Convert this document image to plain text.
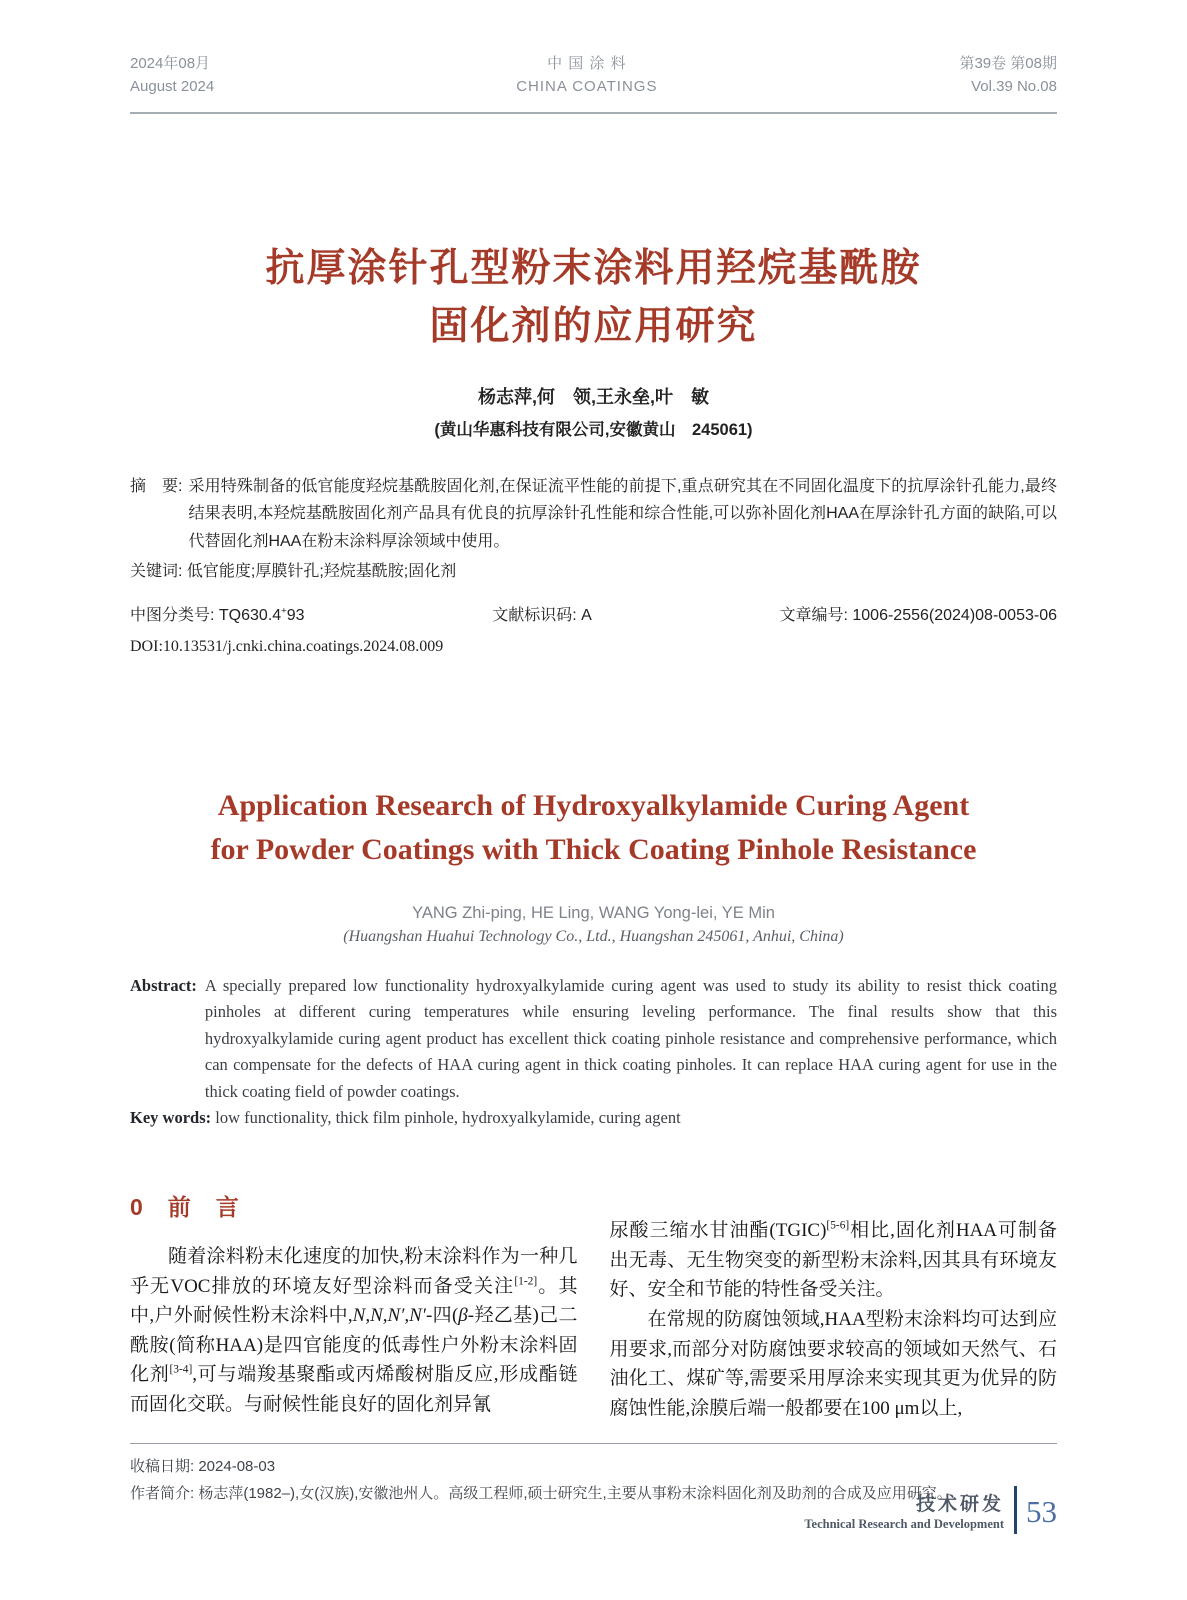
2024年08月
August 2024
中 国 涂 料
CHINA COATINGS
第39卷 第08期
Vol.39 No.08
抗厚涂针孔型粉末涂料用羟烷基酰胺
固化剂的应用研究
杨志萍,何　领,王永垒,叶　敏
(黄山华惠科技有限公司,安徽黄山　245061)
摘　要: 采用特殊制备的低官能度羟烷基酰胺固化剂,在保证流平性能的前提下,重点研究其在不同固化温度下的抗厚涂针孔能力,最终结果表明,本羟烷基酰胺固化剂产品具有优良的抗厚涂针孔性能和综合性能,可以弥补固化剂HAA在厚涂针孔方面的缺陷,可以代替固化剂HAA在粉末涂料厚涂领域中使用。
关键词: 低官能度;厚膜针孔;羟烷基酰胺;固化剂
中图分类号: TQ630.4+93	文献标识码: A	文章编号: 1006-2556(2024)08-0053-06
DOI:10.13531/j.cnki.china.coatings.2024.08.009
Application Research of Hydroxyalkylamide Curing Agent
for Powder Coatings with Thick Coating Pinhole Resistance
YANG Zhi-ping, HE Ling, WANG Yong-lei, YE Min
(Huangshan Huahui Technology Co., Ltd., Huangshan 245061, Anhui, China)
Abstract: A specially prepared low functionality hydroxyalkylamide curing agent was used to study its ability to resist thick coating pinholes at different curing temperatures while ensuring leveling performance. The final results show that this hydroxyalkylamide curing agent product has excellent thick coating pinhole resistance and comprehensive performance, which can compensate for the defects of HAA curing agent in thick coating pinholes. It can replace HAA curing agent for use in the thick coating field of powder coatings.
Key words: low functionality, thick film pinhole, hydroxyalkylamide, curing agent
0 前　言

随着涂料粉末化速度的加快,粉末涂料作为一种几乎无VOC排放的环境友好型涂料而备受关注[1-2]。其中,户外耐候性粉末涂料中,N,N,N′,N′-四(β-羟乙基)己二酰胺(简称HAA)是四官能度的低毒性户外粉末涂料固化剂[3-4],可与端羧基聚酯或丙烯酸树脂反应,形成酯链而固化交联。与耐候性能良好的固化剂异氰

尿酸三缩水甘油酯(TGIC)[5-6]相比,固化剂HAA可制备出无毒、无生物突变的新型粉末涂料,因其具有环境友好、安全和节能的特性备受关注。

在常规的防腐蚀领域,HAA型粉末涂料均可达到应用要求,而部分对防腐蚀要求较高的领域如天然气、石油化工、煤矿等,需要采用厚涂来实现其更为优异的防腐蚀性能,涂膜后端一般都要在100 μm以上,

收稿日期: 2024-08-03
作者简介: 杨志萍(1982–),女(汉族),安徽池州人。高级工程师,硕士研究生,主要从事粉末涂料固化剂及助剂的合成及应用研究。
技术研发
Technical Research and Development 53
